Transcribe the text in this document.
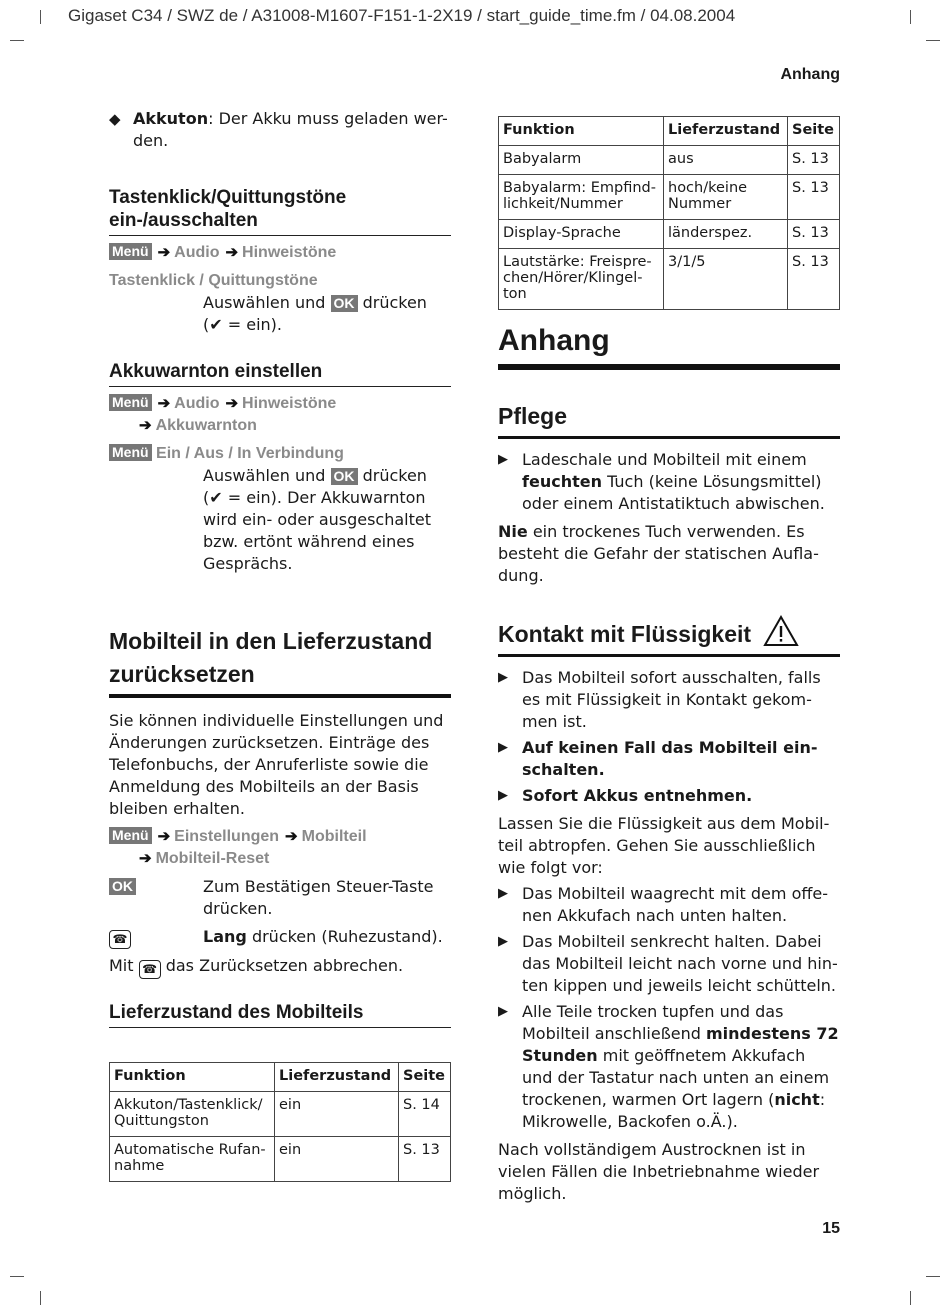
Gigaset C34 / SWZ de / A31008-M1607-F151-1-2X19 / start_guide_time.fm / 04.08.2004
Anhang
15
◆ Akkuton: Der Akku muss geladen wer-den.

Tastenklick/Quittungstöne ein-/ausschalten
Menü ➔ Audio ➔ Hinweistöne
Tastenklick / Quittungstöne

Auswählen und OK drücken
(✔ = ein).

Akkuwarnton einstellen
Menü ➔ Audio ➔ Hinweistöne
➔ Akkuwarnton
Menü Ein / Aus / In Verbindung

Auswählen und OK drücken
(✔ = ein). Der Akkuwarnton wird ein- oder ausgeschaltet bzw. ertönt während eines Gesprächs.

Mobilteil in den Lieferzustand zurücksetzen

Sie können individuelle Einstellungen und Änderungen zurücksetzen. Einträge des Telefonbuchs, der Anruferliste sowie die Anmeldung des Mobilteils an der Basis bleiben erhalten.

Menü ➔ Einstellungen ➔ Mobilteil
➔ Mobilteil-Reset
OK	Zum Bestätigen Steuer-Taste drücken.

☎	Lang drücken (Ruhezustand).

Mit ☎ das Zurücksetzen abbrechen.

Lieferzustand des Mobilteils
Funktion	Lieferzustand	Seite
Akkuton/Tastenklick/ Quittungston	ein	S. 14
Automatische Rufan-nahme	ein	S. 13
Funktion	Lieferzustand	Seite
Babyalarm	aus	S. 13
Babyalarm: Empfind-lichkeit/Nummer	hoch/keine Nummer	S. 13
Display-Sprache	länderspez.	S. 13
Lautstärke: Freispre-chen/Hörer/Klingel-ton	3/1/5	S. 13
Anhang
Pflege
▶ Ladeschale und Mobilteil mit einem feuchten Tuch (keine Lösungsmittel) oder einem Antistatiktuch abwischen.

Nie ein trockenes Tuch verwenden. Es besteht die Gefahr der statischen Aufla-dung.

Kontakt mit Flüssigkeit
▶ Das Mobilteil sofort ausschalten, falls es mit Flüssigkeit in Kontakt gekom-men ist.

▶ Auf keinen Fall das Mobilteil ein-schalten.

▶ Sofort Akkus entnehmen.

Lassen Sie die Flüssigkeit aus dem Mobil-teil abtropfen. Gehen Sie ausschließlich wie folgt vor:

▶ Das Mobilteil waagrecht mit dem offe-nen Akkufach nach unten halten.

▶ Das Mobilteil senkrecht halten. Dabei das Mobilteil leicht nach vorne und hin-ten kippen und jeweils leicht schütteln.

▶ Alle Teile trocken tupfen und das Mobilteil anschließend mindestens 72 Stunden mit geöffnetem Akkufach und der Tastatur nach unten an einem trockenen, warmen Ort lagern (nicht: Mikrowelle, Backofen o.Ä.).

Nach vollständigem Austrocknen ist in vielen Fällen die Inbetriebnahme wieder möglich.
